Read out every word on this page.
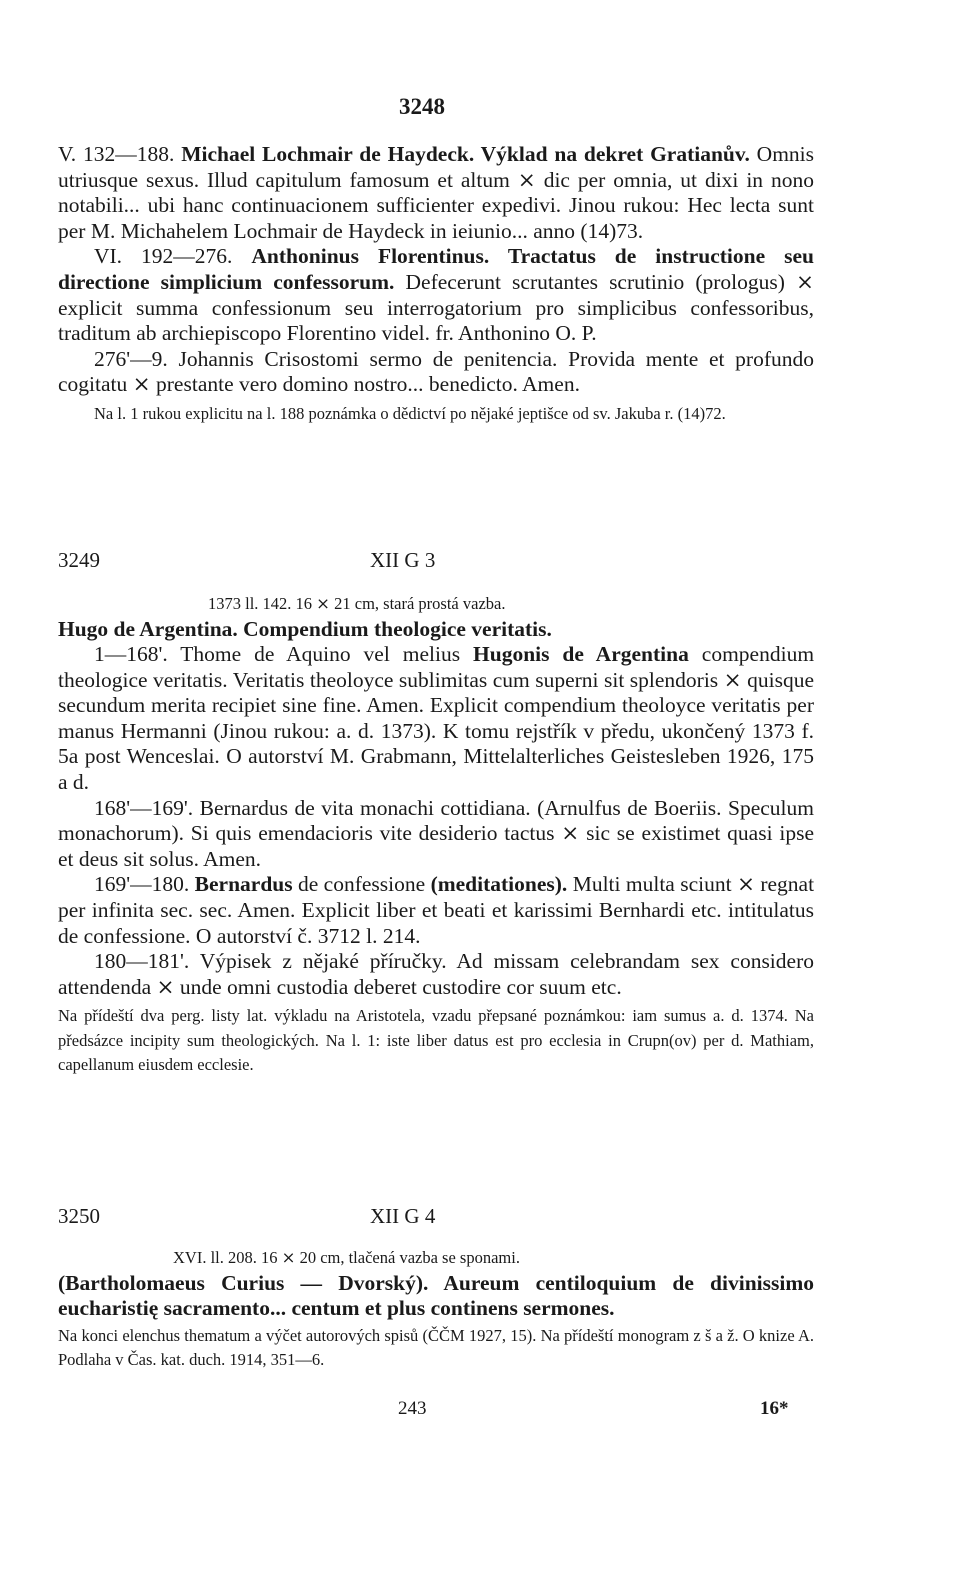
3248

V. 132—188. Michael Lochmair de Haydeck. Výklad na dekret Gratianův. Omnis utriusque sexus. Illud capitulum famosum et altum ⨯ dic per omnia, ut dixi in nono notabili... ubi hanc continuacionem sufficienter expedivi. Jinou rukou: Hec lecta sunt per M. Michahelem Lochmair de Haydeck in ieiunio... anno (14)73.

VI. 192—276. Anthoninus Florentinus. Tractatus de instructione seu directione simplicium confessorum. Defecerunt scrutantes scrutinio (prologus) ⨯ explicit summa confessionum seu interrogatorium pro simplicibus confessoribus, traditum ab archiepiscopo Florentino videl. fr. Anthonino O. P.

276'—9. Johannis Crisostomi sermo de penitencia. Provida mente et profundo cogitatu ⨯ prestante vero domino nostro... benedicto. Amen.

Na l. 1 rukou explicitu na l. 188 poznámka o dědictví po nějaké jeptišce od sv. Jakuba r. (14)72.

3249	XII G 3

1373 ll. 142. 16 ⨯ 21 cm, stará prostá vazba.

Hugo de Argentina. Compendium theologice veritatis.

1—168'. Thome de Aquino vel melius Hugonis de Argentina compendium theologice veritatis. Veritatis theoloyce sublimitas cum superni sit splendoris ⨯ quisque secundum merita recipiet sine fine. Amen. Explicit compendium theoloyce veritatis per manus Hermanni (Jinou rukou: a. d. 1373). K tomu rejstřík v předu, ukončený 1373 f. 5a post Wenceslai. O autorství M. Grabmann, Mittelalterliches Geistesleben 1926, 175 a d.

168'—169'. Bernardus de vita monachi cottidiana. (Arnulfus de Boeriis. Speculum monachorum). Si quis emendacioris vite desiderio tactus ⨯ sic se existimet quasi ipse et deus sit solus. Amen.

169'—180. Bernardus de confessione (meditationes). Multi multa sciunt ⨯ regnat per infinita sec. sec. Amen. Explicit liber et beati et karissimi Bernhardi etc. intitulatus de confessione. O autorství č. 3712 l. 214.

180—181'. Výpisek z nějaké příručky. Ad missam celebrandam sex considero attendenda ⨯ unde omni custodia deberet custodire cor suum etc.

Na přídeští dva perg. listy lat. výkladu na Aristotela, vzadu přepsané poznámkou: iam sumus a. d. 1374. Na předsázce incipity sum theologických. Na l. 1: iste liber datus est pro ecclesia in Crupn(ov) per d. Mathiam, capellanum eiusdem ecclesie.

3250	XII G 4

XVI. ll. 208. 16 ⨯ 20 cm, tlačená vazba se sponami.

(Bartholomaeus Curius — Dvorský). Aureum centiloquium de divinissimo eucharistię sacramento... centum et plus continens sermones.

Na konci elenchus thematum a výčet autorových spisů (ČČM 1927, 15). Na přídeští monogram z š a ž. O knize A. Podlaha v Čas. kat. duch. 1914, 351—6.

243	16*
